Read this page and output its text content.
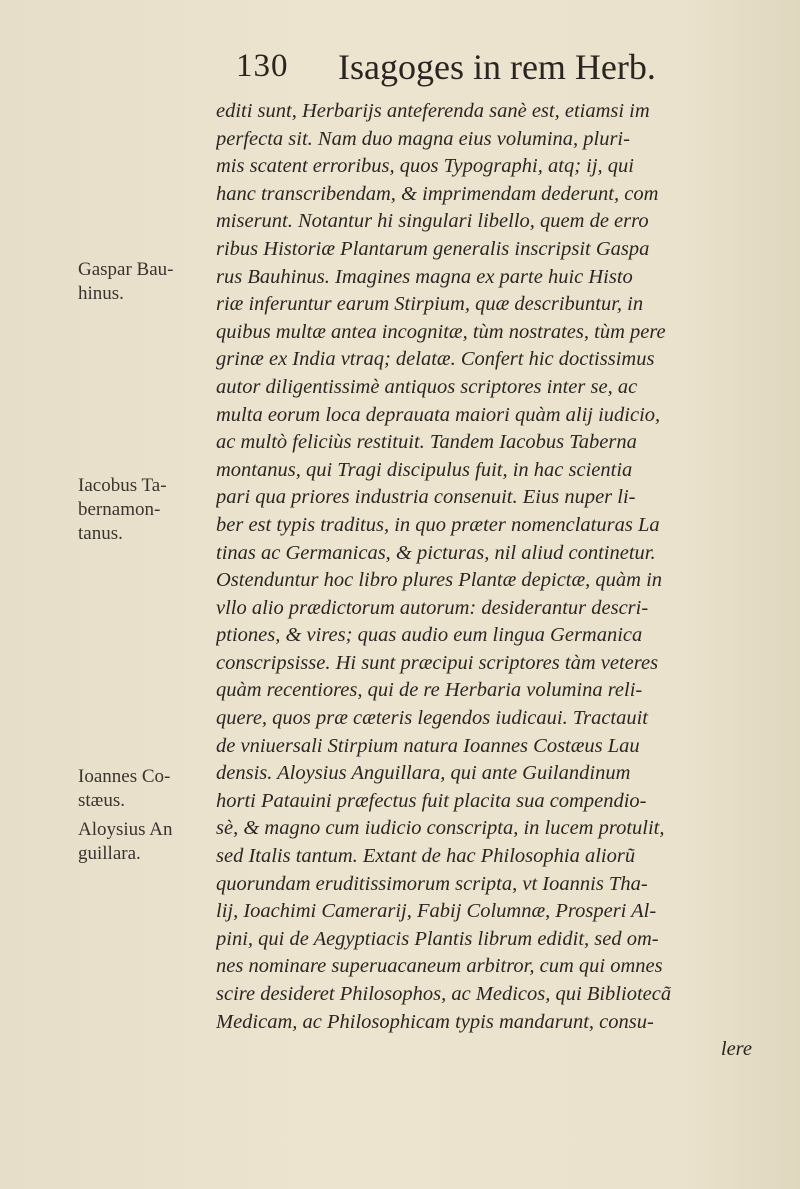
130 Isagoges in rem Herb.
editi sunt, Herbarijs anteferenda sanè est, etiamsi im
perfecta sit. Nam duo magna eius volumina, pluri-
mis scatent erroribus, quos Typographi, atq; ij, qui
hanc transcribendam, & imprimendam dederunt, com
miserunt. Notantur hi singulari libello, quem de erro
ribus Historiæ Plantarum generalis inscripsit Gaspa
rus Bauhinus. Imagines magna ex parte huic Histo
riæ inferuntur earum Stirpium, quæ describuntur, in
quibus multæ antea incognitæ, tùm nostrates, tùm pere
grinæ ex India vtraq; delatæ. Confert hic doctissimus
autor diligentissimè antiquos scriptores inter se, ac
multa eorum loca deprauata maiori quàm alij iudicio,
ac multò feliciùs restituit. Tandem Iacobus Taberna
montanus, qui Tragi discipulus fuit, in hac scientia
pari qua priores industria consenuit. Eius nuper li-
ber est typis traditus, in quo præter nomenclaturas La
tinas ac Germanicas, & picturas, nil aliud continetur.
Ostenduntur hoc libro plures Plantæ depictæ, quàm in
vllo alio prædictorum autorum: desiderantur descri-
ptiones, & vires; quas audio eum lingua Germanica
conscripsisse. Hi sunt præcipui scriptores tàm veteres
quàm recentiores, qui de re Herbaria volumina reli-
quere, quos præ cæteris legendos iudicaui. Tractauit
de vniuersali Stirpium natura Ioannes Costæus Lau
densis. Aloysius Anguillara, qui ante Guilandinum
horti Patauini præfectus fuit placita sua compendio-
sè, & magno cum iudicio conscripta, in lucem protulit,
sed Italis tantum. Extant de hac Philosophia aliorũ
quorundam eruditissimorum scripta, vt Ioannis Tha-
lij, Ioachimi Camerarij, Fabij Columnæ, Prosperi Al-
pini, qui de Aegyptiacis Plantis librum edidit, sed om-
nes nominare superuacaneum arbitror, cum qui omnes
scire desideret Philosophos, ac Medicos, qui Bibliotecã
Medicam, ac Philosophicam typis mandarunt, consu-
lere
Gaspar Bau-
hinus.
Iacobus Ta-
bernamon-
tanus.
Ioannes Co-
stæus.
Aloysius An
guillara.
